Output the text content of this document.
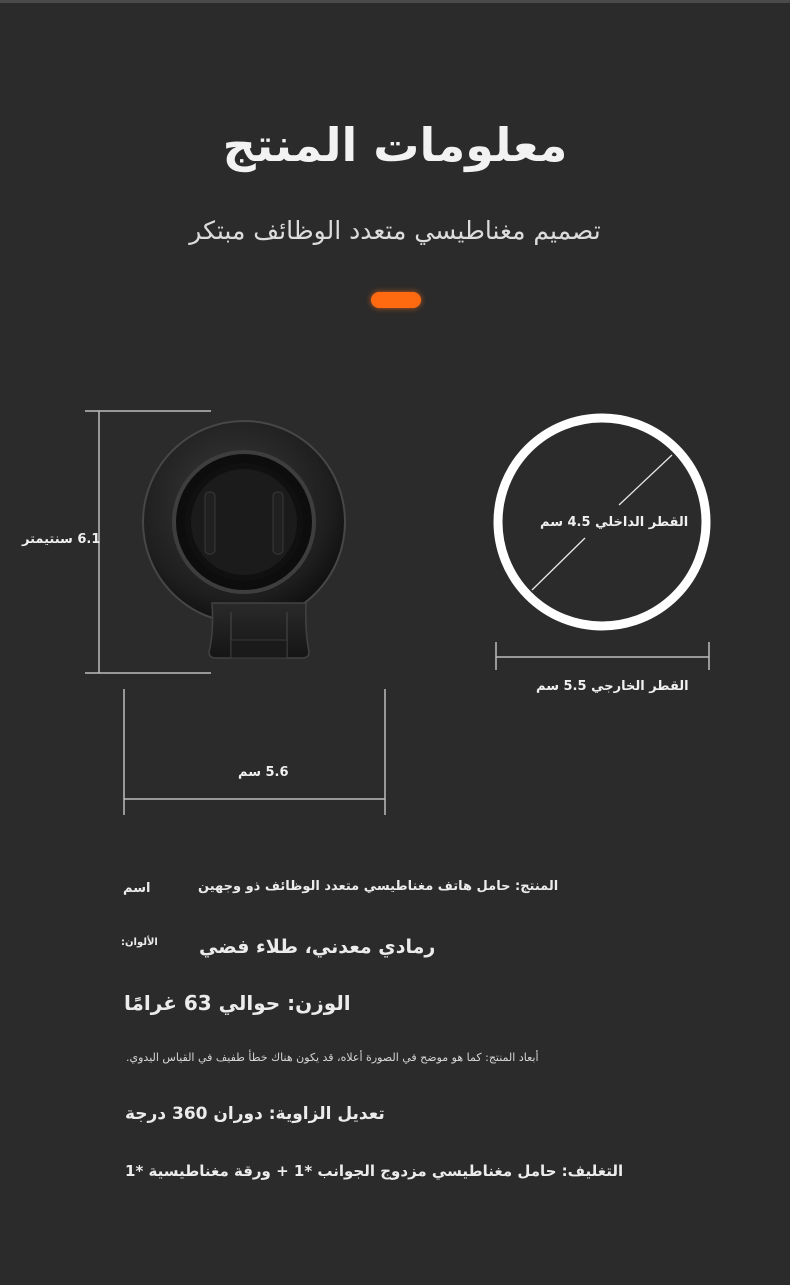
معلومات المنتج
تصميم مغناطيسي متعدد الوظائف مبتكر
6.1 سنتيمتر
5.6 سم
القطر الداخلي 4.5 سم
القطر الخارجي 5.5 سم
اسم	المنتج: حامل هاتف مغناطيسي متعدد الوظائف ذو وجهين
الألوان: رمادي معدني، طلاء فضي
الوزن: حوالي 63 غرامًا
أبعاد المنتج: كما هو موضح في الصورة أعلاه، قد يكون هناك خطأ طفيف في القياس اليدوي.
تعديل الزاوية: دوران 360 درجة
التغليف: حامل مغناطيسي مزدوج الجوانب *1 + ورقة مغناطيسية *1
